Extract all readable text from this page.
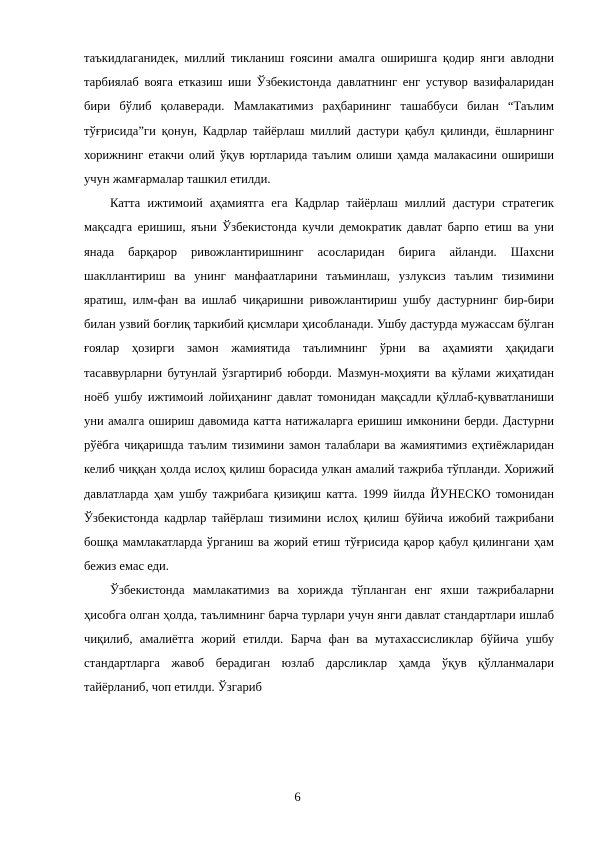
таъкидлаганидек, миллий тикланиш ғоясини амалга оширишга қодир янги авлодни тарбиялаб вояга етказиш иши Ўзбекистонда давлатнинг енг устувор вазифаларидан бири бўлиб қолаверади. Мамлакатимиз раҳбарининг ташаббуси билан “Таълим тўғрисида”ги қонун, Кадрлар тайёрлаш миллий дастури қабул қилинди, ёшларнинг хорижнинг етакчи олий ўқув юртларида таълим олиши ҳамда малакасини ошириши учун жамғармалар ташкил етилди.

Катта ижтимоий аҳамиятга ега Кадрлар тайёрлаш миллий дастури стратегик мақсадга еришиш, яъни Ўзбекистонда кучли демократик давлат барпо етиш ва уни янада барқарор ривожлантиришнинг асосларидан бирига айланди. Шахсни шакллантириш ва унинг манфаатларини таъминлаш, узлуксиз таълим тизимини яратиш, илм-фан ва ишлаб чиқаришни ривожлантириш ушбу дастурнинг бир-бири билан узвий боғлиқ таркибий қисмлари ҳисобланади. Ушбу дастурда мужассам бўлган ғоялар ҳозирги замон жамиятида таълимнинг ўрни ва аҳамияти ҳақидаги тасаввурларни бутунлай ўзгартириб юборди. Мазмун-моҳияти ва кўлами жиҳатидан ноёб ушбу ижтимоий лойиҳанинг давлат томонидан мақсадли қўллаб-қувватланиши уни амалга ошириш давомида катта натижаларга еришиш имконини берди. Дастурни рўёбга чиқаришда таълим тизимини замон талаблари ва жамиятимиз еҳтиёжларидан келиб чиққан ҳолда ислоҳ қилиш борасида улкан амалий тажриба тўпланди. Хорижий давлатларда ҳам ушбу тажрибага қизиқиш катта. 1999 йилда ЙУНЕСКО томонидан Ўзбекистонда кадрлар тайёрлаш тизимини ислоҳ қилиш бўйича ижобий тажрибани бошқа мамлакатларда ўрганиш ва жорий етиш тўғрисида қарор қабул қилингани ҳам бежиз емас еди.

Ўзбекистонда мамлакатимиз ва хорижда тўпланган енг яхши тажрибаларни ҳисобга олган ҳолда, таълимнинг барча турлари учун янги давлат стандартлари ишлаб чиқилиб, амалиётга жорий етилди. Барча фан ва мутахассисликлар бўйича ушбу стандартларга жавоб берадиган юзлаб дарсликлар ҳамда ўқув қўлланмалари тайёрланиб, чоп етилди. Ўзгариб

6
